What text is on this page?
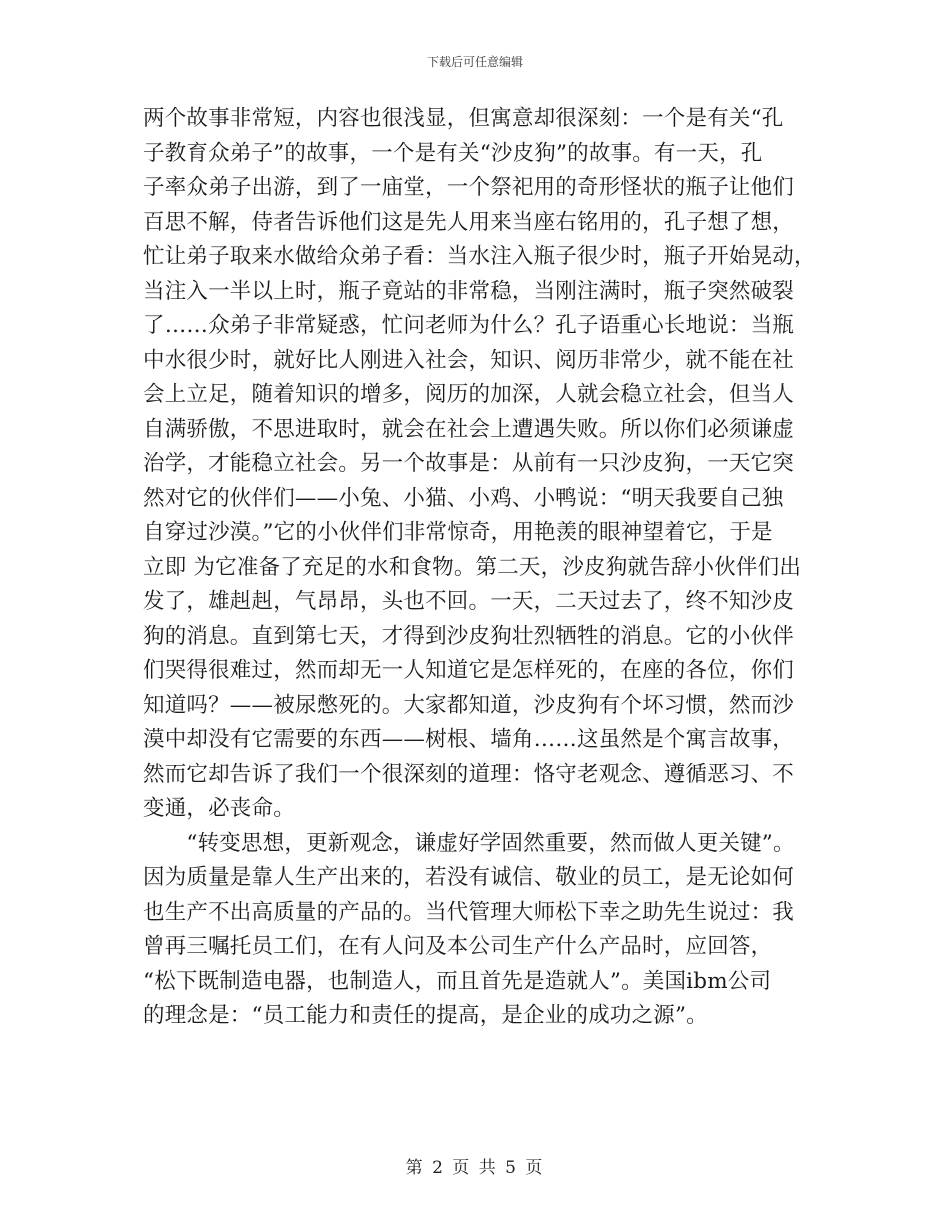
下载后可任意编辑
两个故事非常短，内容也很浅显，但寓意却很深刻：一个是有关“孔
子教育众弟子”的故事，一个是有关“沙皮狗”的故事。有一天，孔
子率众弟子出游，到了一庙堂，一个祭祀用的奇形怪状的瓶子让他们
百思不解，侍者告诉他们这是先人用来当座右铭用的，孔子想了想，
忙让弟子取来水做给众弟子看：当水注入瓶子很少时，瓶子开始晃动，
当注入一半以上时，瓶子竟站的非常稳，当刚注满时，瓶子突然破裂
了……众弟子非常疑惑，忙问老师为什么？孔子语重心长地说：当瓶
中水很少时，就好比人刚进入社会，知识、阅历非常少，就不能在社
会上立足，随着知识的增多，阅历的加深，人就会稳立社会，但当人
自满骄傲，不思进取时，就会在社会上遭遇失败。所以你们必须谦虚
治学，才能稳立社会。另一个故事是：从前有一只沙皮狗，一天它突
然对它的伙伴们——小兔、小猫、小鸡、小鸭说：“明天我要自己独
自穿过沙漠。”它的小伙伴们非常惊奇，用艳羡的眼神望着它，于是
立即 为它准备了充足的水和食物。第二天，沙皮狗就告辞小伙伴们出
发了，雄赳赳，气昂昂，头也不回。一天，二天过去了，终不知沙皮
狗的消息。直到第七天，才得到沙皮狗壮烈牺牲的消息。它的小伙伴
们哭得很难过，然而却无一人知道它是怎样死的，在座的各位，你们
知道吗？——被尿憋死的。大家都知道，沙皮狗有个坏习惯，然而沙
漠中却没有它需要的东西——树根、墙角……这虽然是个寓言故事，
然而它却告诉了我们一个很深刻的道理：恪守老观念、遵循恶习、不
变通，必丧命。
　　“转变思想，更新观念，谦虚好学固然重要，然而做人更关键”。
因为质量是靠人生产出来的，若没有诚信、敬业的员工，是无论如何
也生产不出高质量的产品的。当代管理大师松下幸之助先生说过：我
曾再三嘱托员工们，在有人问及本公司生产什么产品时，应回答，
“松下既制造电器，也制造人，而且首先是造就人”。美国ibm公司
的理念是：“员工能力和责任的提高，是企业的成功之源”。
第 2 页 共 5 页
